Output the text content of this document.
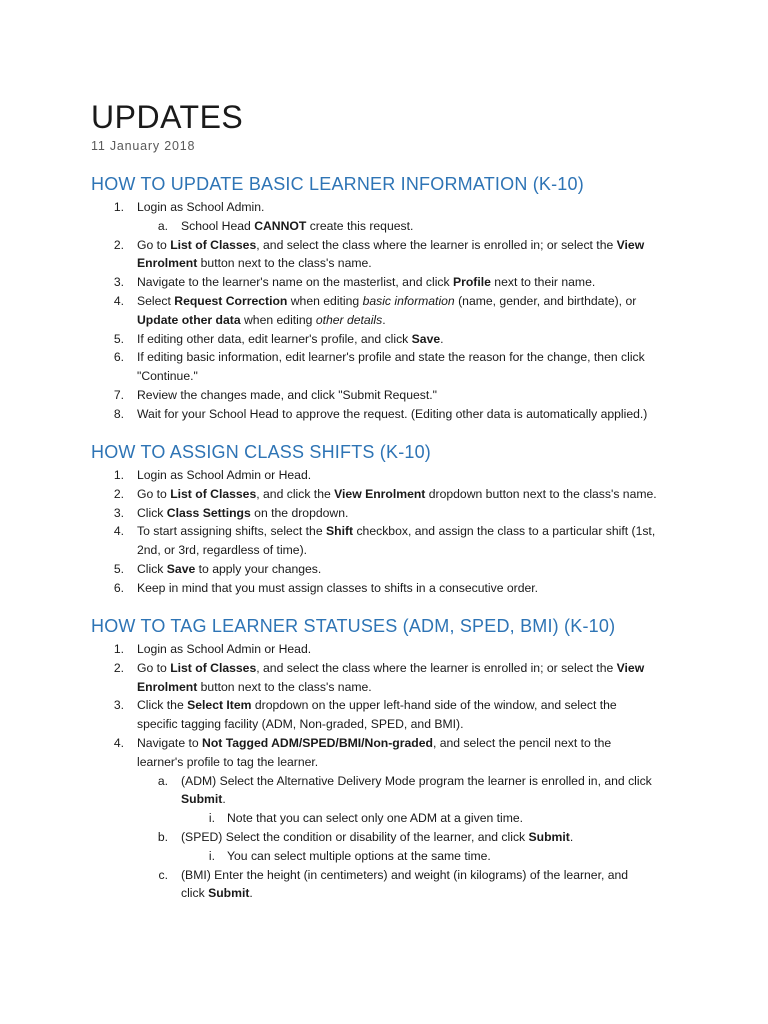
UPDATES
11 January 2018
HOW TO UPDATE BASIC LEARNER INFORMATION (K-10)
1. Login as School Admin.
a. School Head CANNOT create this request.
2. Go to List of Classes, and select the class where the learner is enrolled in; or select the View
Enrolment button next to the class's name.
3. Navigate to the learner's name on the masterlist, and click Profile next to their name.
4. Select Request Correction when editing basic information (name, gender, and birthdate), or
Update other data when editing other details.
5. If editing other data, edit learner's profile, and click Save.
6. If editing basic information, edit learner's profile and state the reason for the change, then click
"Continue."
7. Review the changes made, and click "Submit Request."
8. Wait for your School Head to approve the request. (Editing other data is automatically applied.)
HOW TO ASSIGN CLASS SHIFTS (K-10)
1. Login as School Admin or Head.
2. Go to List of Classes, and click the View Enrolment dropdown button next to the class's name.
3. Click Class Settings on the dropdown.
4. To start assigning shifts, select the Shift checkbox, and assign the class to a particular shift (1st,
2nd, or 3rd, regardless of time).
5. Click Save to apply your changes.
6. Keep in mind that you must assign classes to shifts in a consecutive order.
HOW TO TAG LEARNER STATUSES (ADM, SPED, BMI) (K-10)
1. Login as School Admin or Head.
2. Go to List of Classes, and select the class where the learner is enrolled in; or select the View
Enrolment button next to the class's name.
3. Click the Select Item dropdown on the upper left-hand side of the window, and select the
specific tagging facility (ADM, Non-graded, SPED, and BMI).
4. Navigate to Not Tagged ADM/SPED/BMI/Non-graded, and select the pencil next to the
learner's profile to tag the learner.
a. (ADM) Select the Alternative Delivery Mode program the learner is enrolled in, and click
Submit.
i. Note that you can select only one ADM at a given time.
b. (SPED) Select the condition or disability of the learner, and click Submit.
i. You can select multiple options at the same time.
c. (BMI) Enter the height (in centimeters) and weight (in kilograms) of the learner, and
click Submit.
